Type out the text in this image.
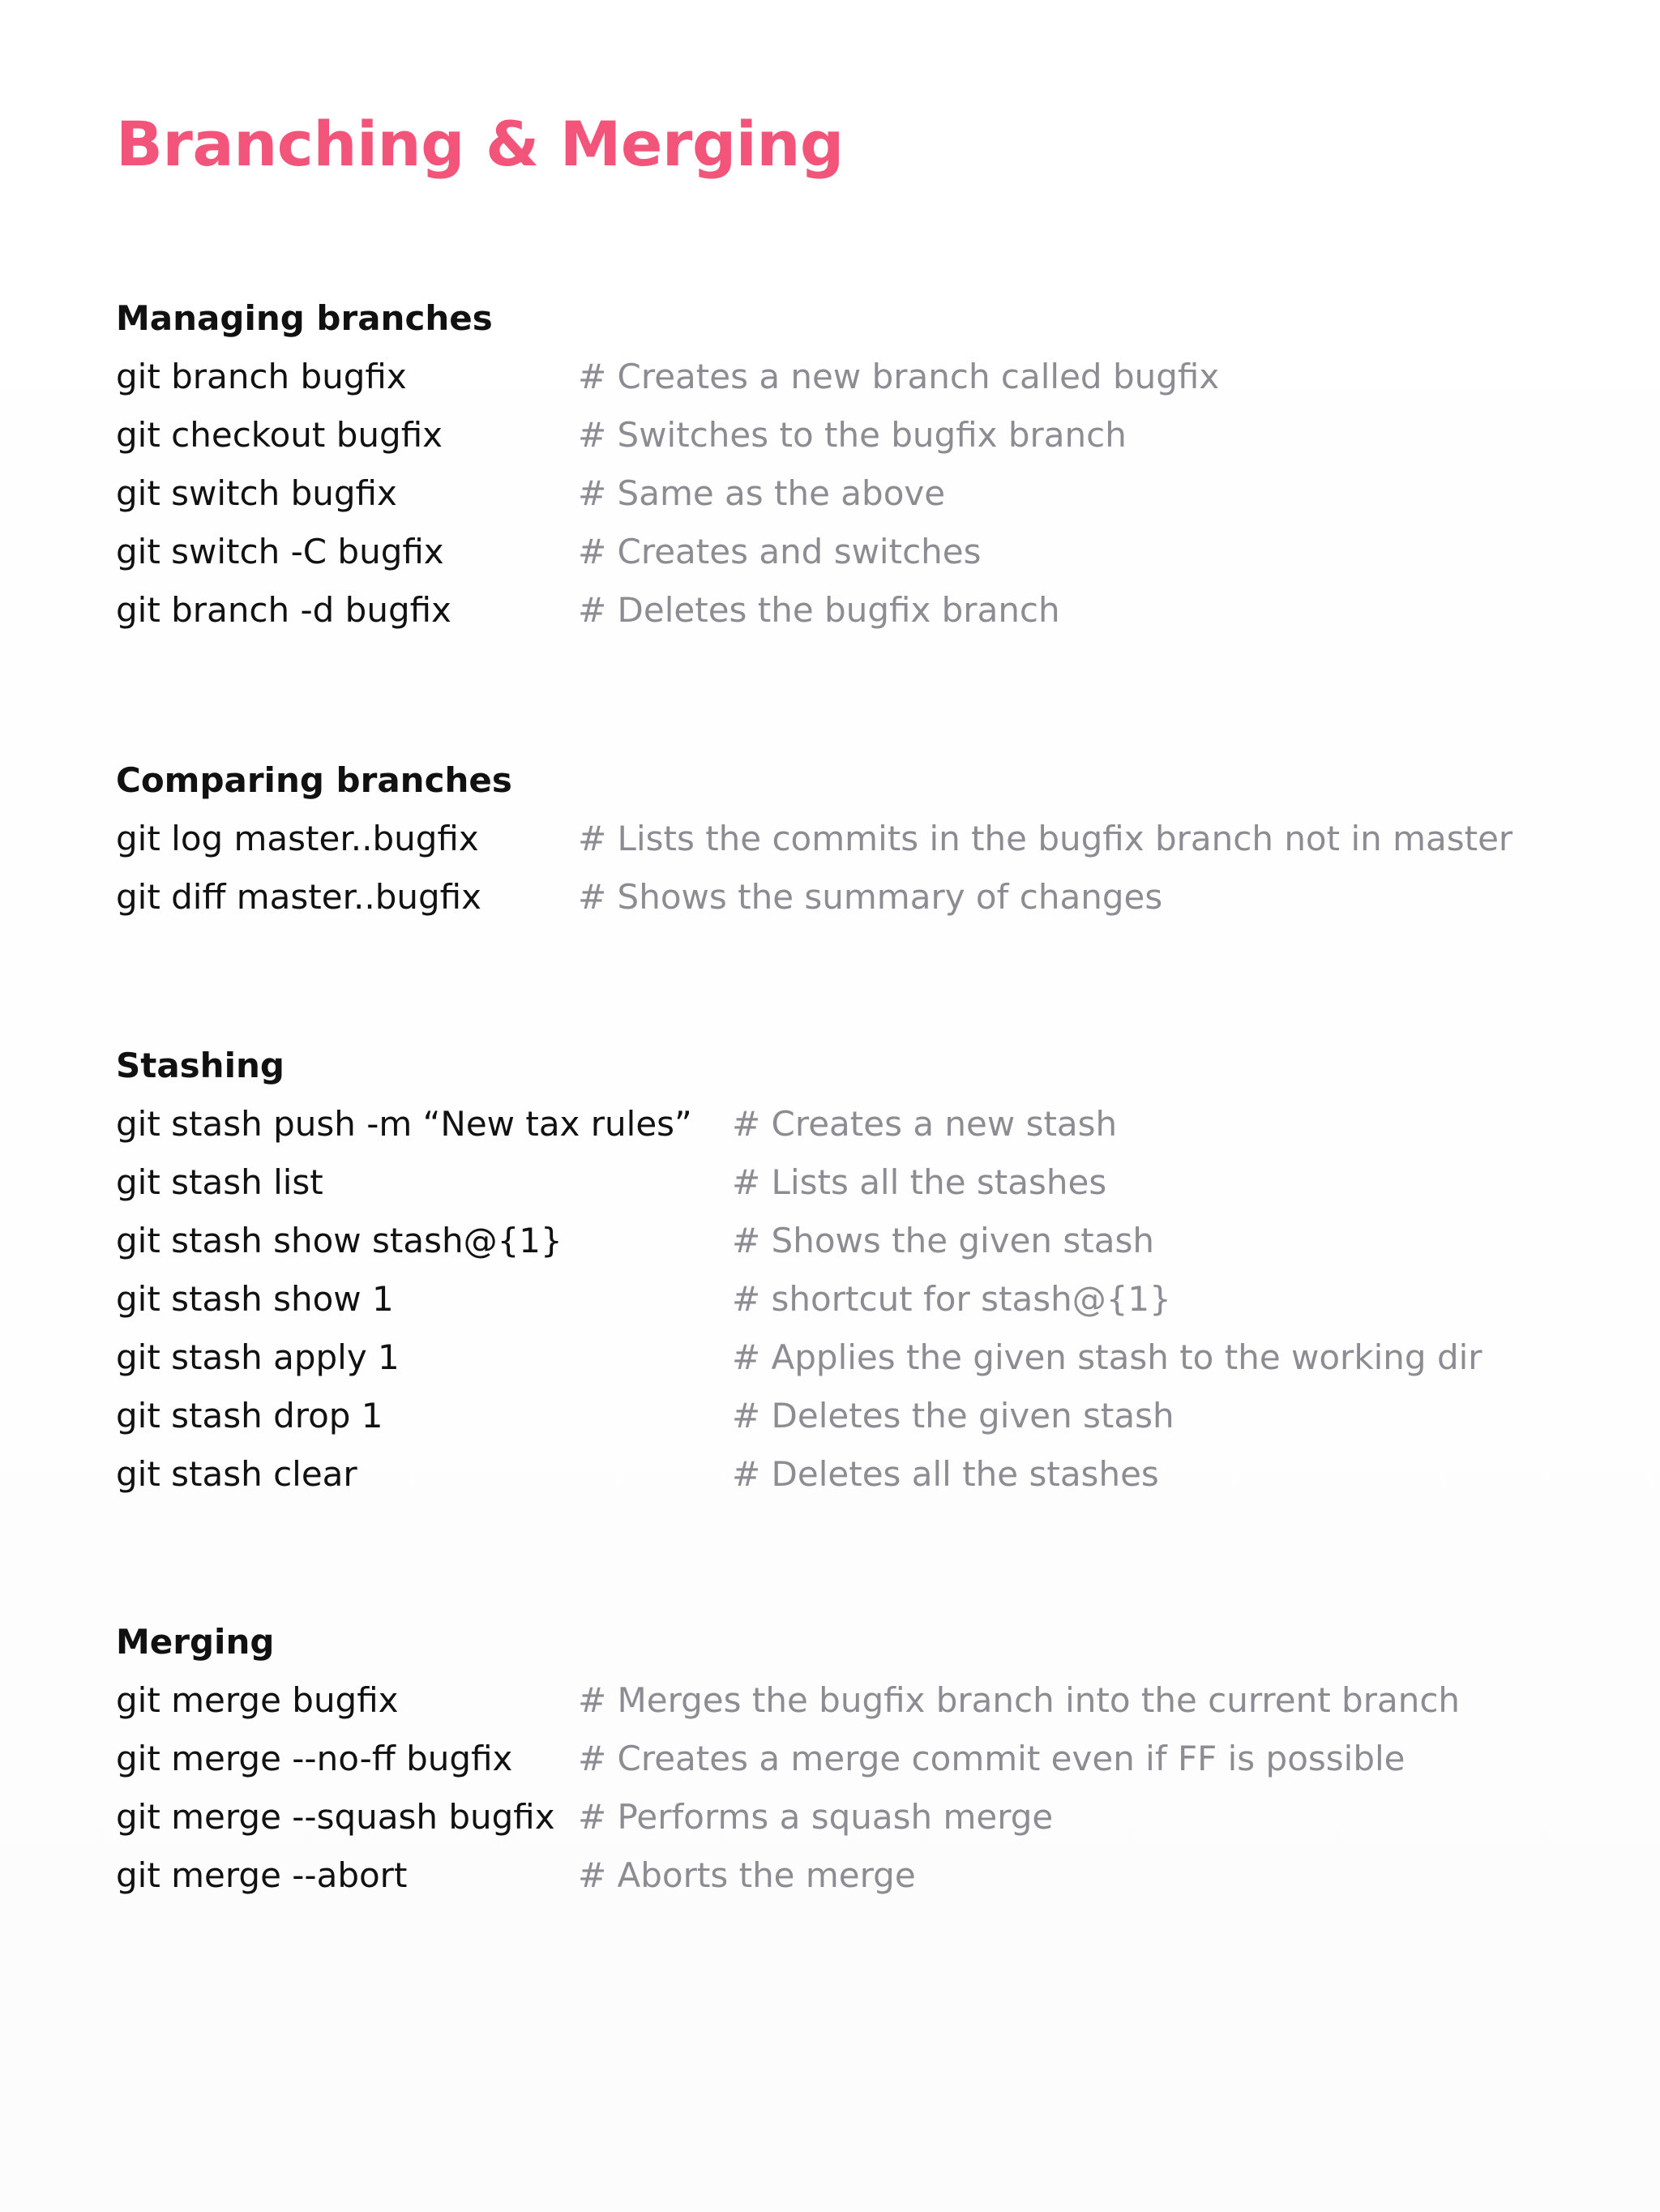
Branching & Merging
Managing branches
git branch bugfix	# Creates a new branch called bugfix
git checkout bugfix	# Switches to the bugfix branch
git switch bugfix	# Same as the above
git switch -C bugfix	# Creates and switches
git branch -d bugfix	# Deletes the bugfix branch
Comparing branches
git log master..bugfix	# Lists the commits in the bugfix branch not in master
git diff master..bugfix	# Shows the summary of changes
Stashing
git stash push -m “New tax rules” # Creates a new stash
git stash list	# Lists all the stashes
git stash show stash@{1}	# Shows the given stash
git stash show 1	# shortcut for stash@{1}
git stash apply 1	# Applies the given stash to the working dir
git stash drop 1	# Deletes the given stash
git stash clear	# Deletes all the stashes
Merging
git merge bugfix	# Merges the bugfix branch into the current branch
git merge --no-ff bugfix # Creates a merge commit even if FF is possible
git merge --squash bugfix # Performs a squash merge
git merge --abort	# Aborts the merge
